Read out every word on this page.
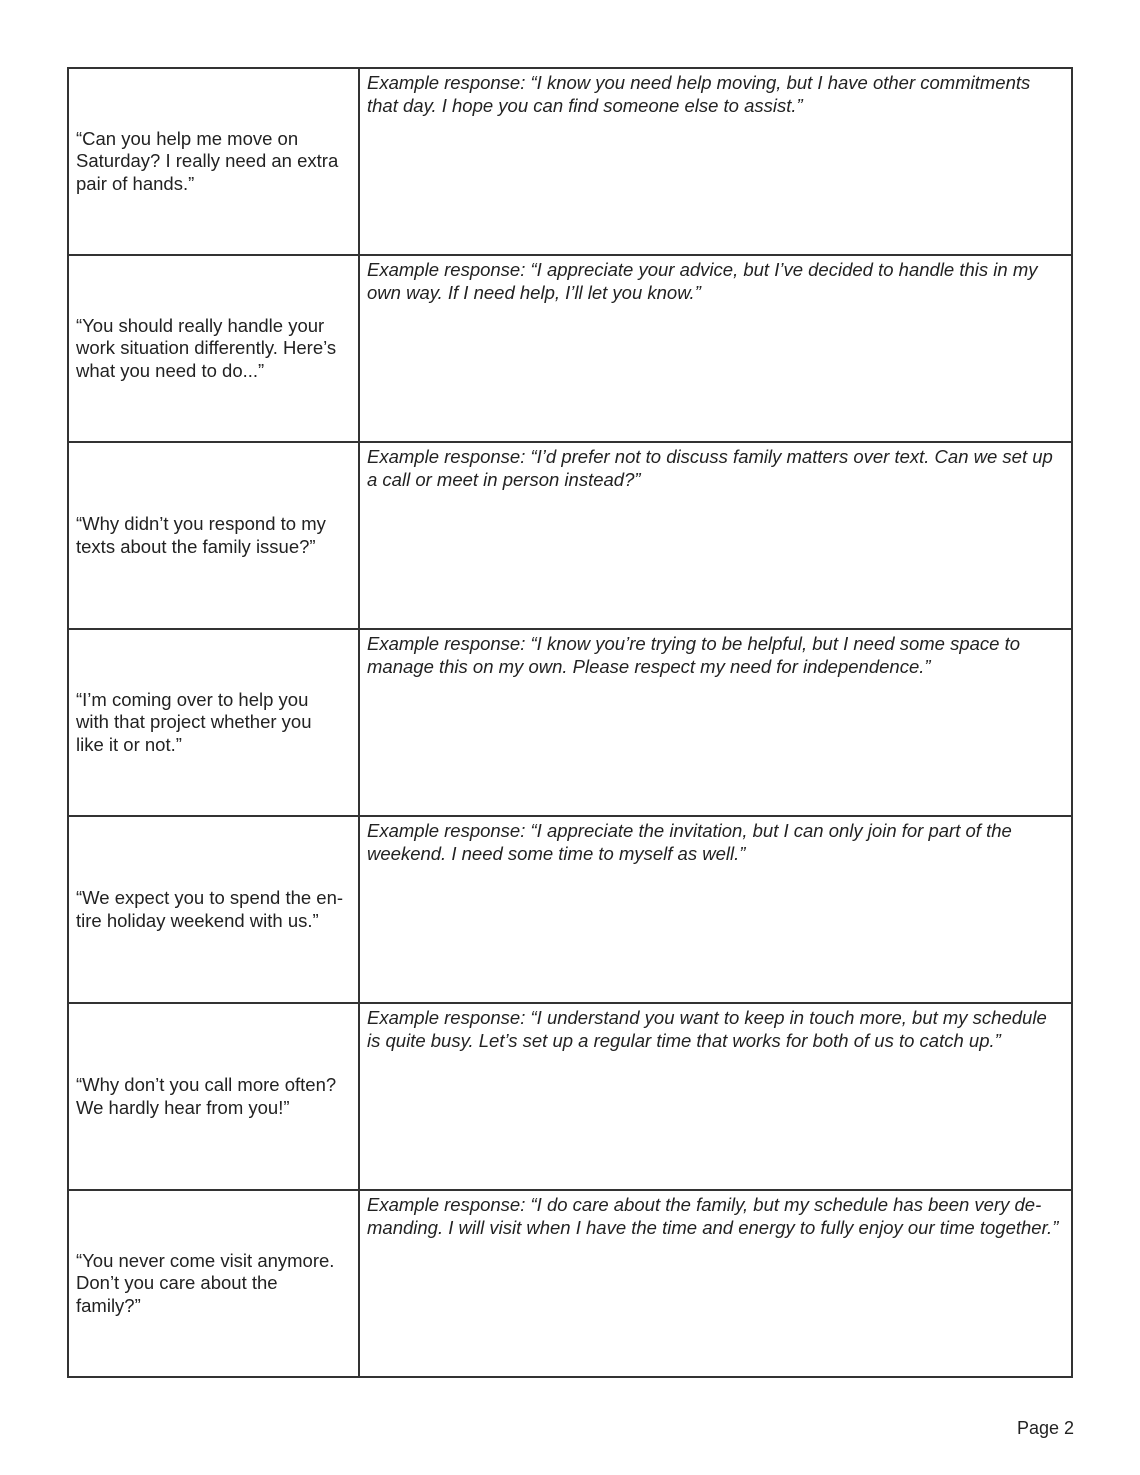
“Can you help me move on Saturday? I really need an extra pair of hands.”	Example response: “I know you need help moving, but I have other commitments that day. I hope you can find someone else to assist.”

“You should really handle your work situation differently. Here’s what you need to do...”	Example response: “I appreciate your advice, but I’ve decided to handle this in my own way. If I need help, I’ll let you know.”

“Why didn’t you respond to my texts about the family issue?”	Example response: “I’d prefer not to discuss family matters over text. Can we set up a call or meet in person instead?”

“I’m coming over to help you with that project whether you like it or not.”	Example response: “I know you’re trying to be helpful, but I need some space to manage this on my own. Please respect my need for independence.”

“We expect you to spend the en-
tire holiday weekend with us.”	Example response: “I appreciate the invitation, but I can only join for part of the weekend. I need some time to myself as well.”

“Why don’t you call more often? We hardly hear from you!”	Example response: “I understand you want to keep in touch more, but my schedule is quite busy. Let’s set up a regular time that works for both of us to catch up.”

“You never come visit anymore. Don’t you care about the family?”	Example response: “I do care about the family, but my schedule has been very de-manding. I will visit when I have the time and energy to fully enjoy our time together.”
Page 2
